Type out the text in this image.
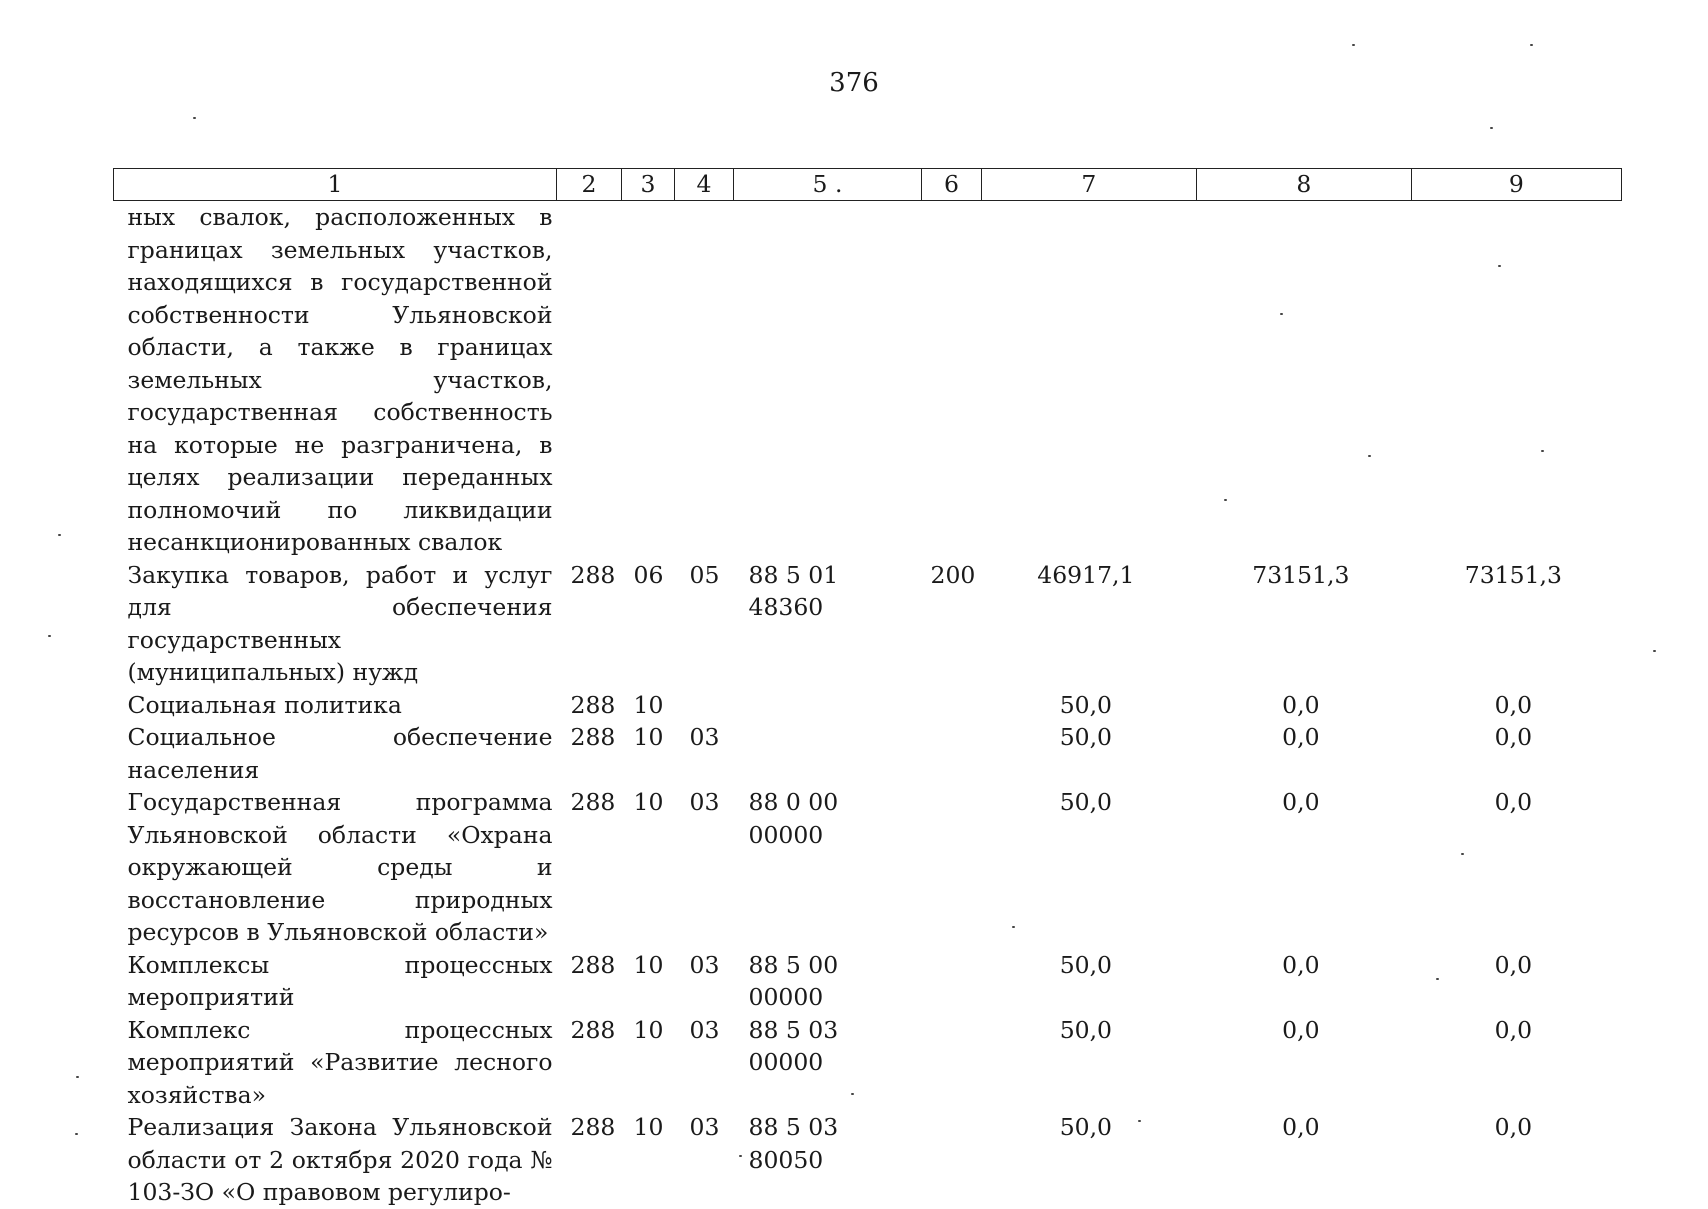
376
1	2	3	4	5 .	6	7	8	9
ных свалок, расположенных в границах земельных участков, находящихся в государственной собственности Ульяновской области, а также в границах земельных участков, государственная собственность на которые не разграничена, в целях реализации переданных полномочий по ликвидации несанкционированных свалок								
Закупка товаров, работ и услуг для обеспечения государственных (муниципальных) нужд	288	06	05	88 5 01 48360	200	46917,1	73151,3	73151,3
Социальная политика	288	10				50,0	0,0	0,0
Социальное обеспечение населения	288	10	03			50,0	0,0	0,0
Государственная программа Ульяновской области «Охрана окружающей среды и восстановление природных ресурсов в Ульяновской области»	288	10	03	88 0 00 00000		50,0	0,0	0,0
Комплексы процессных мероприятий	288	10	03	88 5 00 00000		50,0	0,0	0,0
Комплекс процессных мероприятий «Развитие лесного хозяйства»	288	10	03	88 5 03 00000		50,0	0,0	0,0
Реализация Закона Ульяновской области от 2 октября 2020 года № 103-ЗО «О правовом регулиро-	288	10	03	88 5 03 80050		50,0	0,0	0,0
